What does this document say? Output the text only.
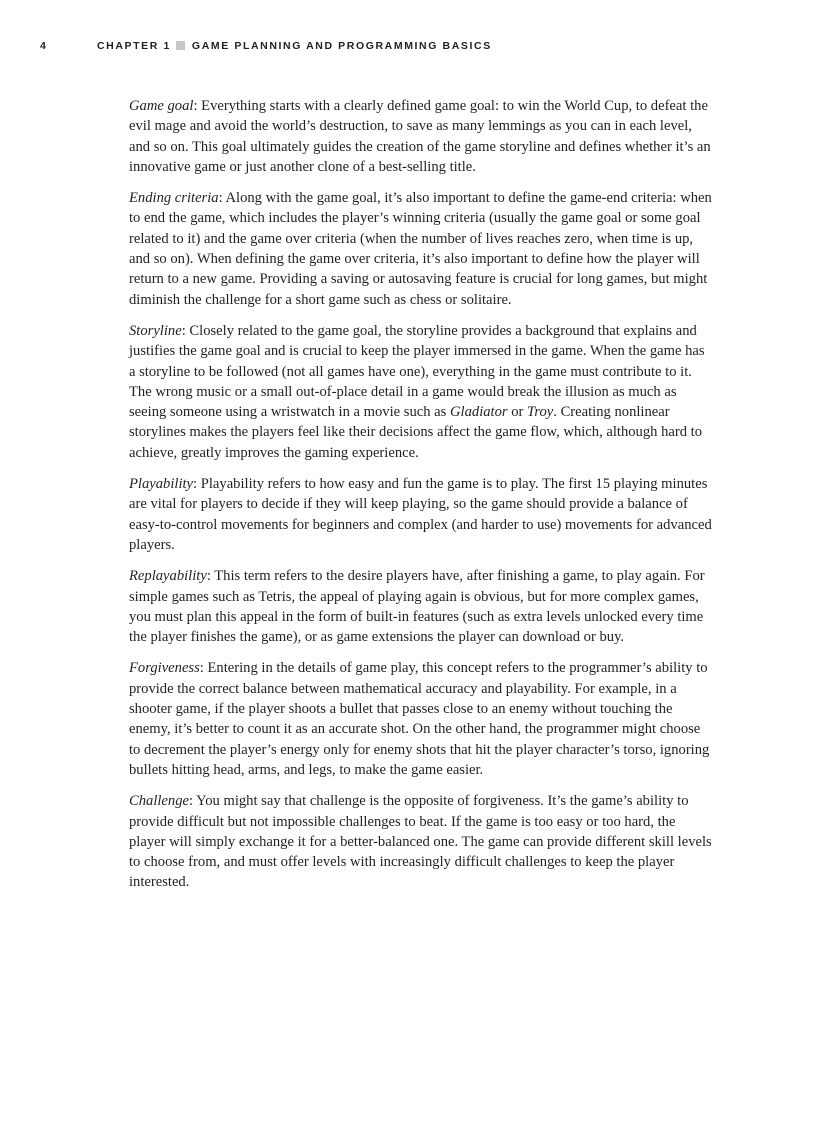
4	CHAPTER 1 GAME PLANNING AND PROGRAMMING BASICS

Game goal: Everything starts with a clearly defined game goal: to win the World Cup, to defeat the evil mage and avoid the world’s destruction, to save as many lemmings as you can in each level, and so on. This goal ultimately guides the creation of the game storyline and defines whether it’s an innovative game or just another clone of a best-selling title.

Ending criteria: Along with the game goal, it’s also important to define the game-end criteria: when to end the game, which includes the player’s winning criteria (usually the game goal or some goal related to it) and the game over criteria (when the number of lives reaches zero, when time is up, and so on). When defining the game over criteria, it’s also important to define how the player will return to a new game. Providing a saving or autosaving feature is crucial for long games, but might diminish the challenge for a short game such as chess or solitaire.

Storyline: Closely related to the game goal, the storyline provides a background that explains and justifies the game goal and is crucial to keep the player immersed in the game. When the game has a storyline to be followed (not all games have one), everything in the game must contribute to it. The wrong music or a small out-of-place detail in a game would break the illusion as much as seeing someone using a wristwatch in a movie such as Gladiator or Troy. Creating nonlinear storylines makes the players feel like their decisions affect the game flow, which, although hard to achieve, greatly improves the gaming experience.

Playability: Playability refers to how easy and fun the game is to play. The first 15 playing minutes are vital for players to decide if they will keep playing, so the game should provide a balance of easy-to-control movements for beginners and complex (and harder to use) movements for advanced players.

Replayability: This term refers to the desire players have, after finishing a game, to play again. For simple games such as Tetris, the appeal of playing again is obvious, but for more complex games, you must plan this appeal in the form of built-in features (such as extra levels unlocked every time the player finishes the game), or as game extensions the player can download or buy.

Forgiveness: Entering in the details of game play, this concept refers to the programmer’s ability to provide the correct balance between mathematical accuracy and playability. For example, in a shooter game, if the player shoots a bullet that passes close to an enemy without touching the enemy, it’s better to count it as an accurate shot. On the other hand, the programmer might choose to decrement the player’s energy only for enemy shots that hit the player character’s torso, ignoring bullets hitting head, arms, and legs, to make the game easier.

Challenge: You might say that challenge is the opposite of forgiveness. It’s the game’s ability to provide difficult but not impossible challenges to beat. If the game is too easy or too hard, the player will simply exchange it for a better-balanced one. The game can provide different skill levels to choose from, and must offer levels with increasingly difficult challenges to keep the player interested.
